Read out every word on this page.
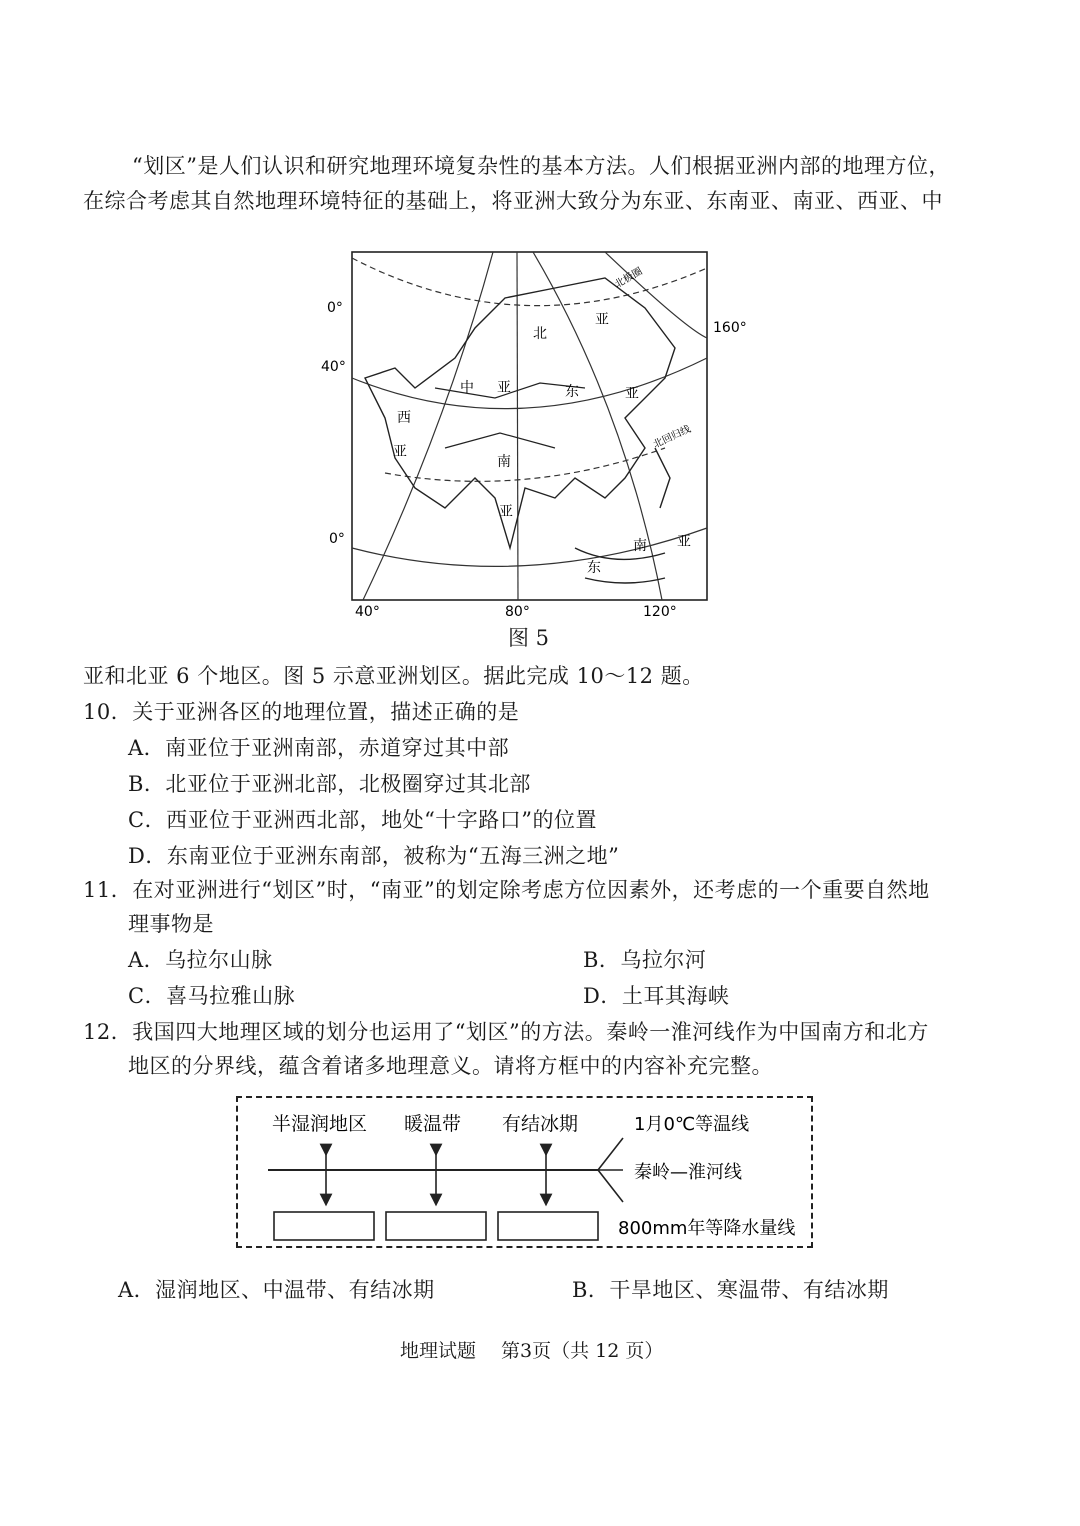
“划区”是人们认识和研究地理环境复杂性的基本方法。人们根据亚洲内部的地理方位，
在综合考虑其自然地理环境特征的基础上，将亚洲大致分为东亚、东南亚、南亚、西亚、中
0°
40°
0°
160°
40°	80°	120°
北
亚
中 亚	东	亚
西
亚
南
亚
东
南 亚
北极圈
北回归线
图 5
亚和北亚 6 个地区。图 5 示意亚洲划区。据此完成 10～12 题。
10．关于亚洲各区的地理位置，描述正确的是
A．南亚位于亚洲南部，赤道穿过其中部
B．北亚位于亚洲北部，北极圈穿过其北部
C．西亚位于亚洲西北部，地处“十字路口”的位置
D．东南亚位于亚洲东南部，被称为“五海三洲之地”
11．在对亚洲进行“划区”时，“南亚”的划定除考虑方位因素外，还考虑的一个重要自然地
理事物是
A．乌拉尔山脉	B．乌拉尔河
C．喜马拉雅山脉	D．土耳其海峡
12．我国四大地理区域的划分也运用了“划区”的方法。秦岭一淮河线作为中国南方和北方
地区的分界线，蕴含着诸多地理意义。请将方框中的内容补充完整。
半湿润地区 暖温带 有结冰期	1月0℃等温线
秦岭—淮河线
800mm年等降水量线
A．湿润地区、中温带、有结冰期	B．干旱地区、寒温带、有结冰期
地理试题　 第3页（共 12 页）
